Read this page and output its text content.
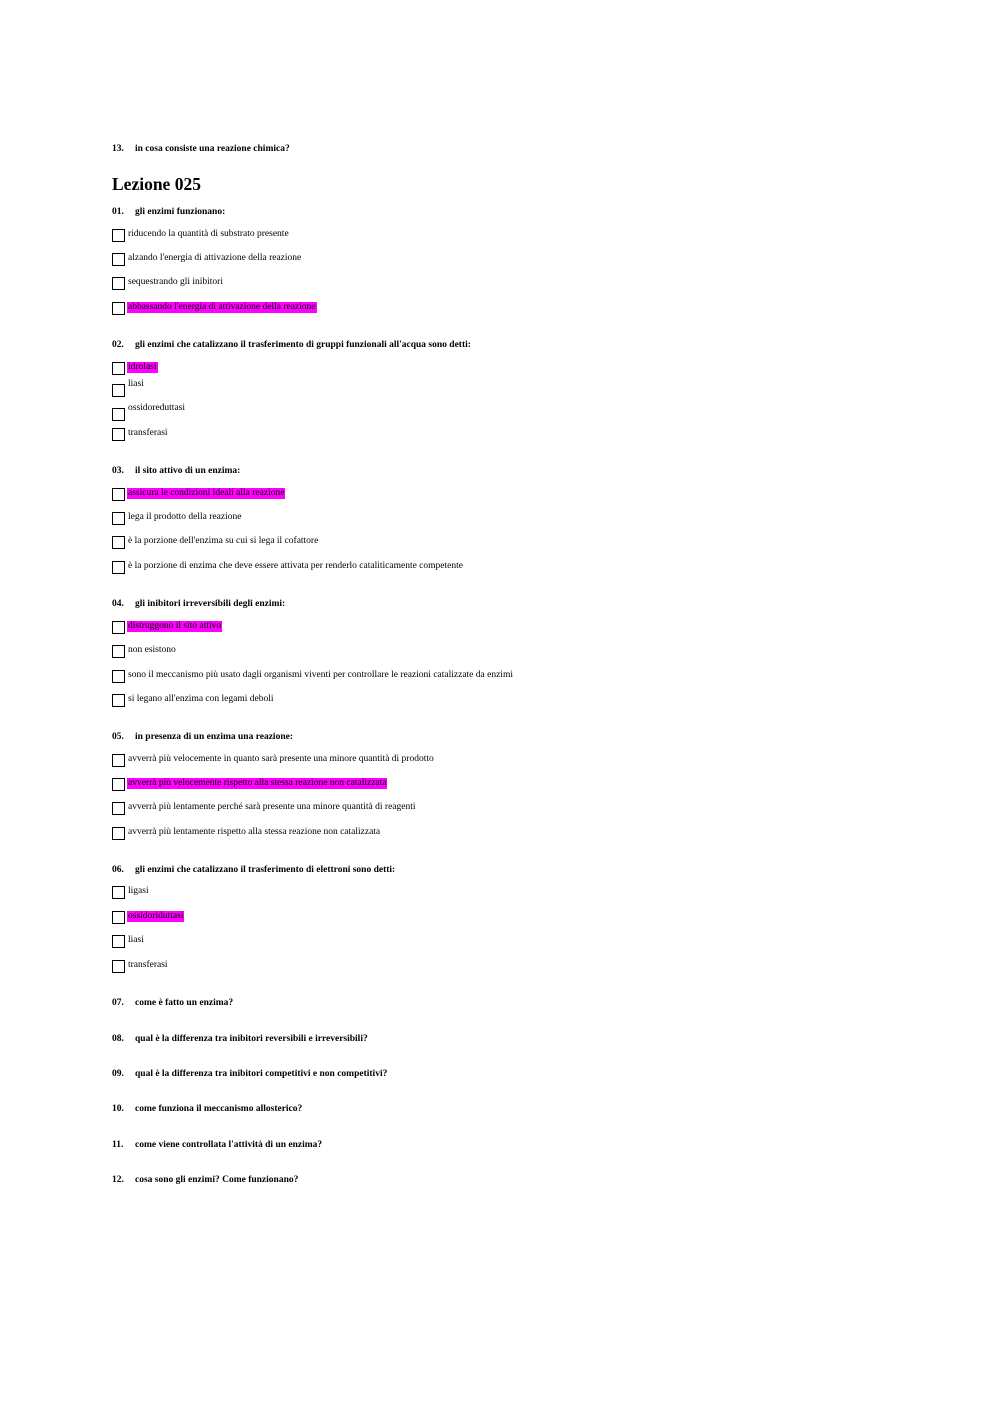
13. in cosa consiste una reazione chimica?
Lezione 025
01. gli enzimi funzionano:
riducendo la quantità di substrato presente
alzando l'energia di attivazione della reazione
sequestrando gli inibitori
abbassando l'energia di attivazione della reazione
02. gli enzimi che catalizzano il trasferimento di gruppi funzionali all'acqua sono detti:
idrolasi
liasi
ossidoreduttasi
transferasi
03. il sito attivo di un enzima:
assicura le condizioni ideali alla reazione
lega il prodotto della reazione
è la porzione dell'enzima su cui si lega il cofattore
è la porzione di enzima che deve essere attivata per renderlo cataliticamente competente
04. gli inibitori irreversibili degli enzimi:
distruggono il sito attivo
non esistono
sono il meccanismo più usato dagli organismi viventi per controllare le reazioni catalizzate da enzimi
si legano all'enzima con legami deboli
05. in presenza di un enzima una reazione:
avverrà più velocemente in quanto sarà presente una minore quantità di prodotto
avverrà più velocemente rispetto alla stessa reazione non catalizzata
avverrà più lentamente perché sarà presente una minore quantità di reagenti
avverrà più lentamente rispetto alla stessa reazione non catalizzata
06. gli enzimi che catalizzano il trasferimento di elettroni sono detti:
ligasi
ossidoriduttasi
liasi
transferasi
07. come è fatto un enzima?
08. qual è la differenza tra inibitori reversibili e irreversibili?
09. qual è la differenza tra inibitori competitivi e non competitivi?
10. come funziona il meccanismo allosterico?
11. come viene controllata l'attività di un enzima?
12. cosa sono gli enzimi? Come funzionano?
